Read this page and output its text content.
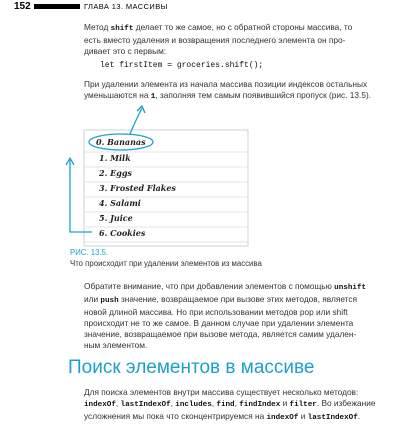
152	ГЛАВА 13. МАССИВЫ
Метод shift делает то же самое, но с обратной стороны массива, то
есть вместо удаления и возвращения последнего элемента он про-
дивает это с первым:
let firstItem = groceries.shift();
При удалении элемента из начала массива позиции индексов остальных
уменьшаются на 1, заполняя тем самым появившийся пропуск (рис. 13.5).
0. Bananas
1. Milk
2. Eggs
3. Frosted Flakes
4. Salami
5. Juice
6. Cookies
РИС. 13.5.
Что происходит при удалении элементов из массива
Обратите внимание, что при добавлении элементов с помощью unshift
или push значение, возвращаемое при вызове этих методов, является
новой длиной массива. Но при использовании методов pop или shift
происходит не то же самое. В данном случае при удалении элемента
значение, возвращаемое при вызове метода, является самим удален-
ным элементом.
Поиск элементов в массиве
Для поиска элементов внутри массива существует несколько методов:
indexOf, lastIndexOf, includes, find, findIndex и filter. Во избежание
усложнения мы пока что сконцентрируемся на indexOf и lastIndexOf.
